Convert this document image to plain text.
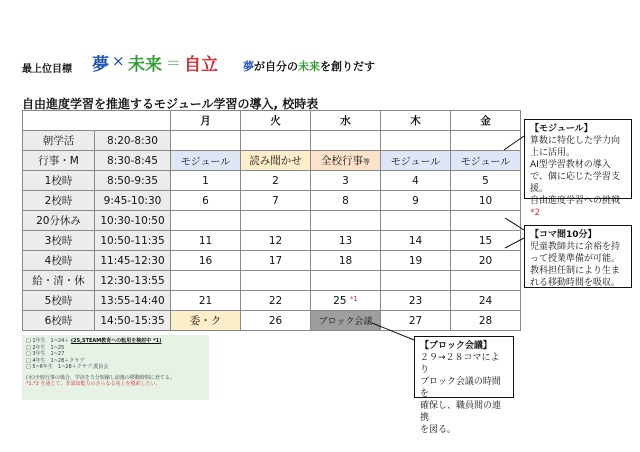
最上位目標 夢 × 未来 ＝ 自立 夢が自分の未来を創りだす
自由進度学習を推進するモジュール学習の導入, 校時表
		月	火	水	木	金
朝学活	8:20-8:30					
行事・M	8:30-8:45	モジュール	読み聞かせ	全校行事等	モジュール	モジュール
1校時	8:50-9:35	1	2	3	4	5
2校時	9:45-10:30	6	7	8	9	10
20分休み	10:30-10:50					
3校時	10:50-11:35	11	12	13	14	15
4校時	11:45-12:30	16	17	18	19	20
給・清・休	12:30-13:55					
5校時	13:55-14:40	21	22	25 $^{*1}$	23	24
6校時	14:50-15:35	委・ク	26	ブロック会議	27	28
【モジュール】
算数に特化した学力向上に活用。
AI型学習教材の導入で、個に応じた学習支援。
自由進度学習への挑戦
*2
【コマ間10分】
児童教師共に余裕を持って授業準備が可能。
教科担任制により生まれる移動時間を吸収。
【ブロック会議】
２９→２８コマにより
ブロック会議の時間を
確保し、職員間の連携
を図る。
□ 1年生　 1~24＋ (25,STEAM教育への転用を検討中 *1)
□ 2年生　 1~25
□ 3年生　 1~27
□ 4年生　 1~28＋クラブ
□ 5~6年生　 1~28＋クラブ,委員会
(水)全校行事の場合、学活を５分短縮し前後の移動時間に充てる。
*1,*2 を通じて、非認知能力のさらなる向上を模索したい。
